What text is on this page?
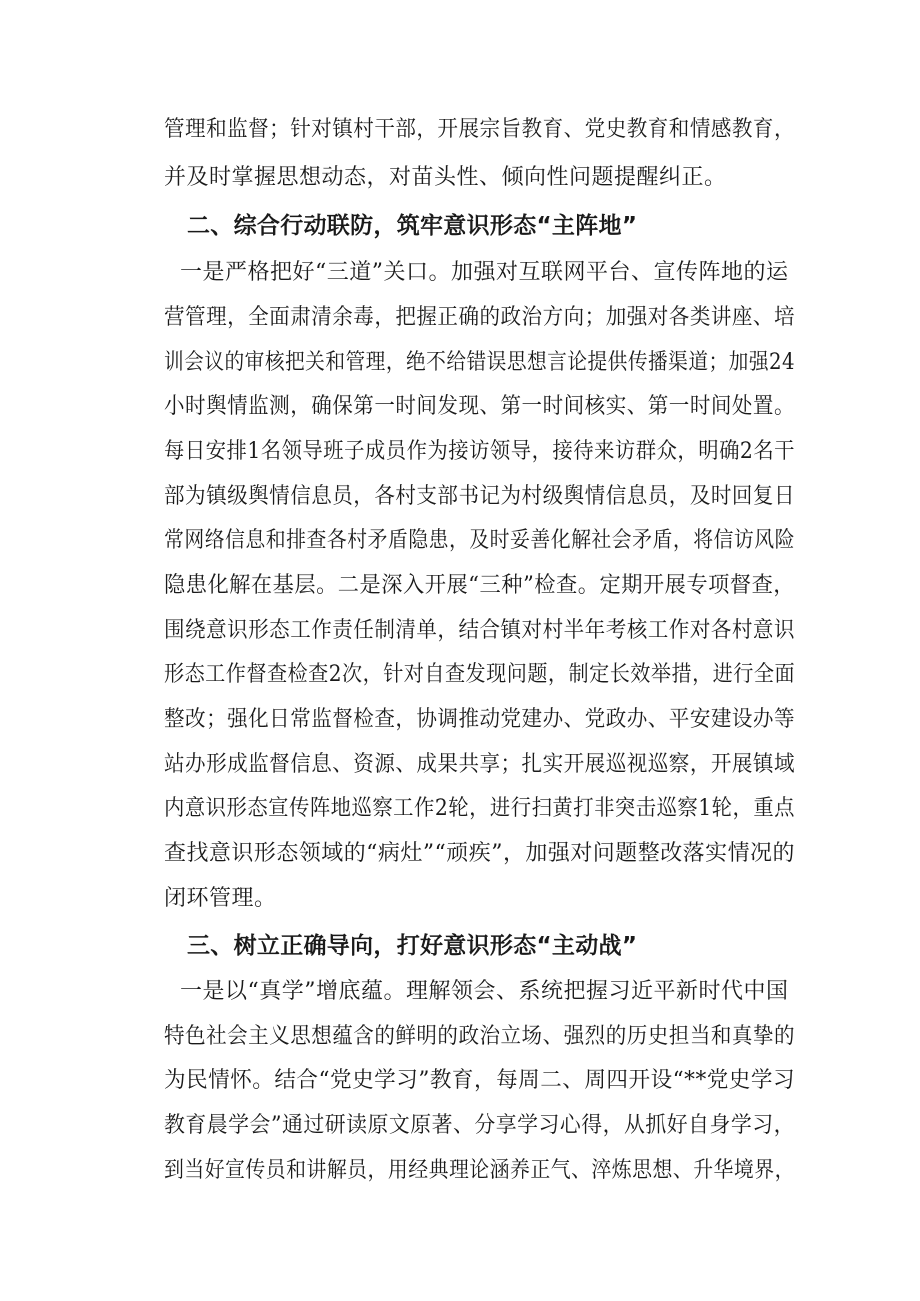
管理和监督；针对镇村干部，开展宗旨教育、党史教育和情感教育，
并及时掌握思想动态，对苗头性、倾向性问题提醒纠正。
二、综合行动联防，筑牢意识形态“主阵地”
一是严格把好“三道”关口。加强对互联网平台、宣传阵地的运
营管理，全面肃清余毒，把握正确的政治方向；加强对各类讲座、培
训会议的审核把关和管理，绝不给错误思想言论提供传播渠道；加强24
小时舆情监测，确保第一时间发现、第一时间核实、第一时间处置。
每日安排1名领导班子成员作为接访领导，接待来访群众，明确2名干
部为镇级舆情信息员，各村支部书记为村级舆情信息员，及时回复日
常网络信息和排查各村矛盾隐患，及时妥善化解社会矛盾，将信访风险
隐患化解在基层。二是深入开展“三种”检查。定期开展专项督查，
围绕意识形态工作责任制清单，结合镇对村半年考核工作对各村意识
形态工作督查检查2次，针对自查发现问题，制定长效举措，进行全面
整改；强化日常监督检查，协调推动党建办、党政办、平安建设办等
站办形成监督信息、资源、成果共享；扎实开展巡视巡察，开展镇域
内意识形态宣传阵地巡察工作2轮，进行扫黄打非突击巡察1轮，重点
查找意识形态领域的“病灶”“顽疾”，加强对问题整改落实情况的
闭环管理。
三、树立正确导向，打好意识形态“主动战”
一是以“真学”增底蕴。理解领会、系统把握习近平新时代中国
特色社会主义思想蕴含的鲜明的政治立场、强烈的历史担当和真挚的
为民情怀。结合“党史学习”教育，每周二、周四开设“**党史学习
教育晨学会”通过研读原文原著、分享学习心得，从抓好自身学习，
到当好宣传员和讲解员，用经典理论涵养正气、淬炼思想、升华境界，
